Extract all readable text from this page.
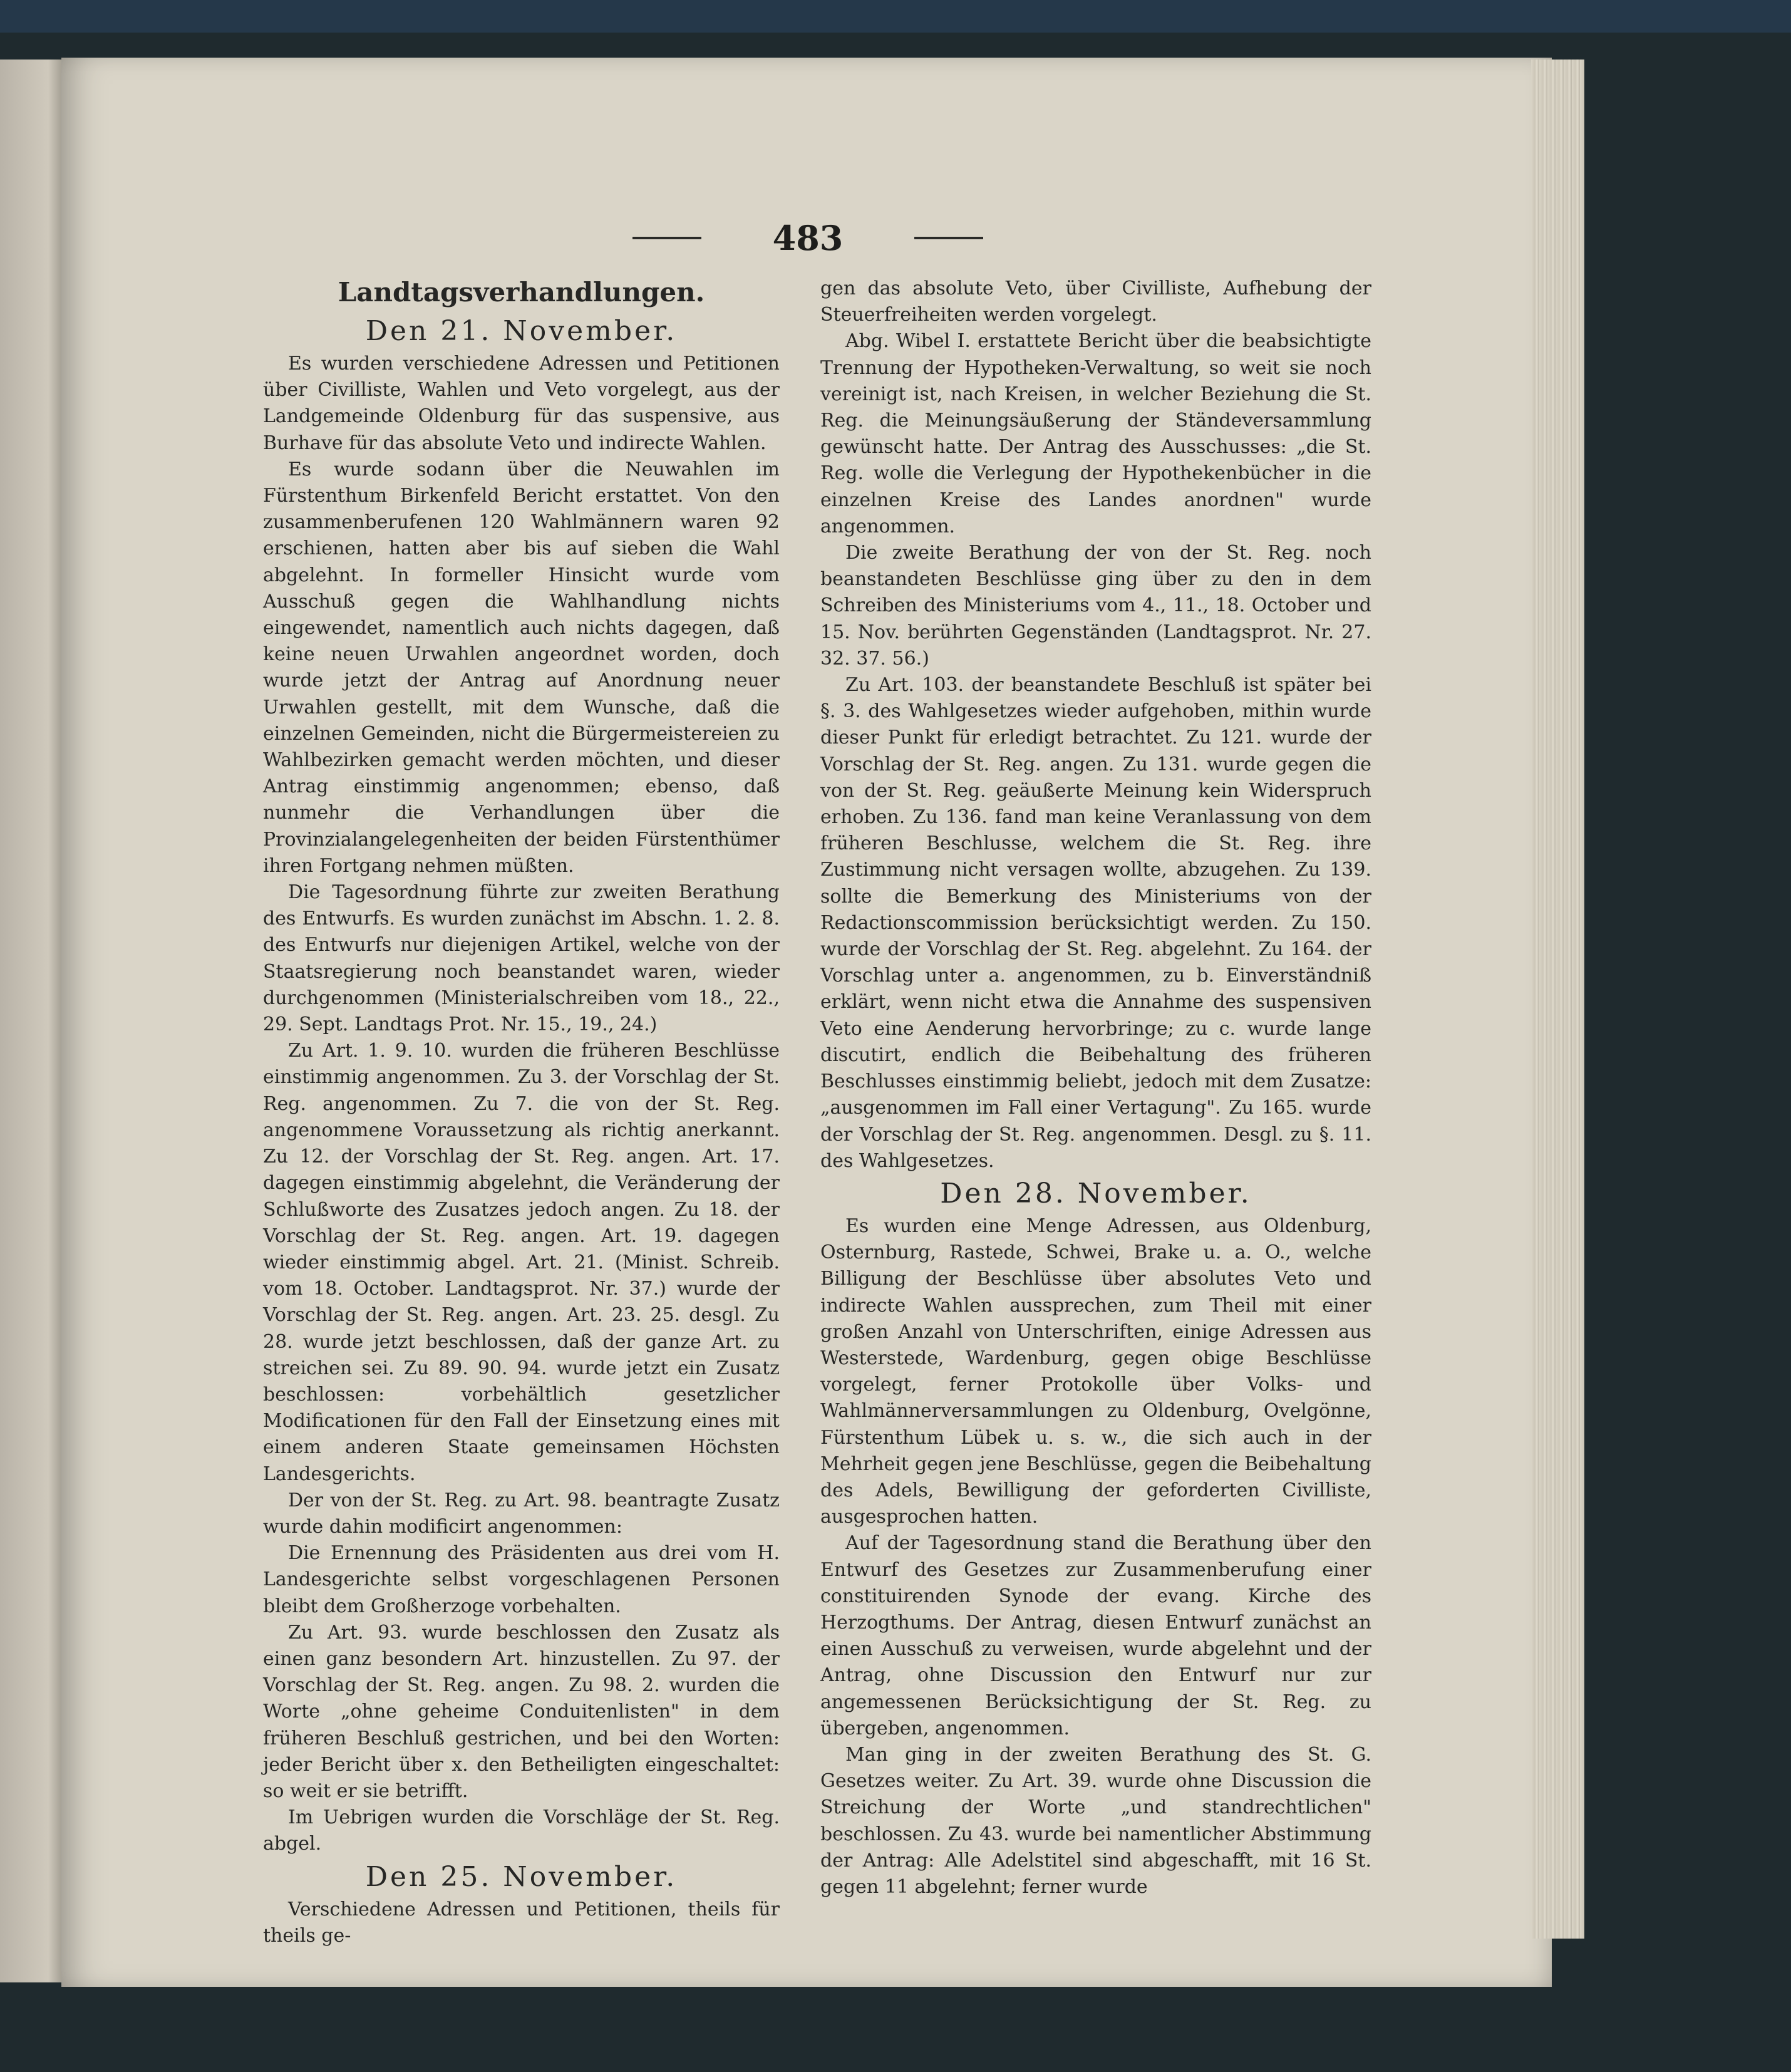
483
Landtagsverhandlungen.
Den 21. November.

Es wurden verschiedene Adressen und Petitionen über Civilliste, Wahlen und Veto vorgelegt, aus der Landgemeinde Oldenburg für das suspensive, aus Burhave für das absolute Veto und indirecte Wahlen.

Es wurde sodann über die Neuwahlen im Fürstenthum Birkenfeld Bericht erstattet. Von den zusammenberufenen 120 Wahlmännern waren 92 erschienen, hatten aber bis auf sieben die Wahl abgelehnt. In formeller Hinsicht wurde vom Ausschuß gegen die Wahlhandlung nichts eingewendet, namentlich auch nichts dagegen, daß keine neuen Urwahlen angeordnet worden, doch wurde jetzt der Antrag auf Anordnung neuer Urwahlen gestellt, mit dem Wunsche, daß die einzelnen Gemeinden, nicht die Bürgermeistereien zu Wahlbezirken gemacht werden möchten, und dieser Antrag einstimmig angenommen; ebenso, daß nunmehr die Verhandlungen über die Provinzialangelegenheiten der beiden Fürstenthümer ihren Fortgang nehmen müßten.

Die Tagesordnung führte zur zweiten Berathung des Entwurfs. Es wurden zunächst im Abschn. 1. 2. 8. des Entwurfs nur diejenigen Artikel, welche von der Staatsregierung noch beanstandet waren, wieder durchgenommen (Ministerialschreiben vom 18., 22., 29. Sept. Landtags Prot. Nr. 15., 19., 24.)

Zu Art. 1. 9. 10. wurden die früheren Beschlüsse einstimmig angenommen. Zu 3. der Vorschlag der St. Reg. angenommen. Zu 7. die von der St. Reg. angenommene Voraussetzung als richtig anerkannt. Zu 12. der Vorschlag der St. Reg. angen. Art. 17. dagegen einstimmig abgelehnt, die Veränderung der Schlußworte des Zusatzes jedoch angen. Zu 18. der Vorschlag der St. Reg. angen. Art. 19. dagegen wieder einstimmig abgel. Art. 21. (Minist. Schreib. vom 18. October. Landtagsprot. Nr. 37.) wurde der Vorschlag der St. Reg. angen. Art. 23. 25. desgl. Zu 28. wurde jetzt beschlossen, daß der ganze Art. zu streichen sei. Zu 89. 90. 94. wurde jetzt ein Zusatz beschlossen: vorbehältlich gesetzlicher Modificationen für den Fall der Einsetzung eines mit einem anderen Staate gemeinsamen Höchsten Landesgerichts.

Der von der St. Reg. zu Art. 98. beantragte Zusatz wurde dahin modificirt angenommen:

Die Ernennung des Präsidenten aus drei vom H. Landesgerichte selbst vorgeschlagenen Personen bleibt dem Großherzoge vorbehalten.

Zu Art. 93. wurde beschlossen den Zusatz als einen ganz besondern Art. hinzustellen. Zu 97. der Vorschlag der St. Reg. angen. Zu 98. 2. wurden die Worte „ohne geheime Conduitenlisten" in dem früheren Beschluß gestrichen, und bei den Worten: jeder Bericht über x. den Betheiligten eingeschaltet: so weit er sie betrifft.

Im Uebrigen wurden die Vorschläge der St. Reg. abgel.

Den 25. November.

Verschiedene Adressen und Petitionen, theils für theils ge-

gen das absolute Veto, über Civilliste, Aufhebung der Steuerfreiheiten werden vorgelegt.

Abg. Wibel I. erstattete Bericht über die beabsichtigte Trennung der Hypotheken-Verwaltung, so weit sie noch vereinigt ist, nach Kreisen, in welcher Beziehung die St. Reg. die Meinungsäußerung der Ständeversammlung gewünscht hatte. Der Antrag des Ausschusses: „die St. Reg. wolle die Verlegung der Hypothekenbücher in die einzelnen Kreise des Landes anordnen" wurde angenommen.

Die zweite Berathung der von der St. Reg. noch beanstandeten Beschlüsse ging über zu den in dem Schreiben des Ministeriums vom 4., 11., 18. October und 15. Nov. berührten Gegenständen (Landtagsprot. Nr. 27. 32. 37. 56.)

Zu Art. 103. der beanstandete Beschluß ist später bei §. 3. des Wahlgesetzes wieder aufgehoben, mithin wurde dieser Punkt für erledigt betrachtet. Zu 121. wurde der Vorschlag der St. Reg. angen. Zu 131. wurde gegen die von der St. Reg. geäußerte Meinung kein Widerspruch erhoben. Zu 136. fand man keine Veranlassung von dem früheren Beschlusse, welchem die St. Reg. ihre Zustimmung nicht versagen wollte, abzugehen. Zu 139. sollte die Bemerkung des Ministeriums von der Redactionscommission berücksichtigt werden. Zu 150. wurde der Vorschlag der St. Reg. abgelehnt. Zu 164. der Vorschlag unter a. angenommen, zu b. Einverständniß erklärt, wenn nicht etwa die Annahme des suspensiven Veto eine Aenderung hervorbringe; zu c. wurde lange discutirt, endlich die Beibehaltung des früheren Beschlusses einstimmig beliebt, jedoch mit dem Zusatze: „ausgenommen im Fall einer Vertagung". Zu 165. wurde der Vorschlag der St. Reg. angenommen. Desgl. zu §. 11. des Wahlgesetzes.

Den 28. November.

Es wurden eine Menge Adressen, aus Oldenburg, Osternburg, Rastede, Schwei, Brake u. a. O., welche Billigung der Beschlüsse über absolutes Veto und indirecte Wahlen aussprechen, zum Theil mit einer großen Anzahl von Unterschriften, einige Adressen aus Westerstede, Wardenburg, gegen obige Beschlüsse vorgelegt, ferner Protokolle über Volks- und Wahlmännerversammlungen zu Oldenburg, Ovelgönne, Fürstenthum Lübek u. s. w., die sich auch in der Mehrheit gegen jene Beschlüsse, gegen die Beibehaltung des Adels, Bewilligung der geforderten Civilliste, ausgesprochen hatten.

Auf der Tagesordnung stand die Berathung über den Entwurf des Gesetzes zur Zusammenberufung einer constituirenden Synode der evang. Kirche des Herzogthums. Der Antrag, diesen Entwurf zunächst an einen Ausschuß zu verweisen, wurde abgelehnt und der Antrag, ohne Discussion den Entwurf nur zur angemessenen Berücksichtigung der St. Reg. zu übergeben, angenommen.

Man ging in der zweiten Berathung des St. G. Gesetzes weiter. Zu Art. 39. wurde ohne Discussion die Streichung der Worte „und standrechtlichen" beschlossen. Zu 43. wurde bei namentlicher Abstimmung der Antrag: Alle Adelstitel sind abgeschafft, mit 16 St. gegen 11 abgelehnt; ferner wurde
